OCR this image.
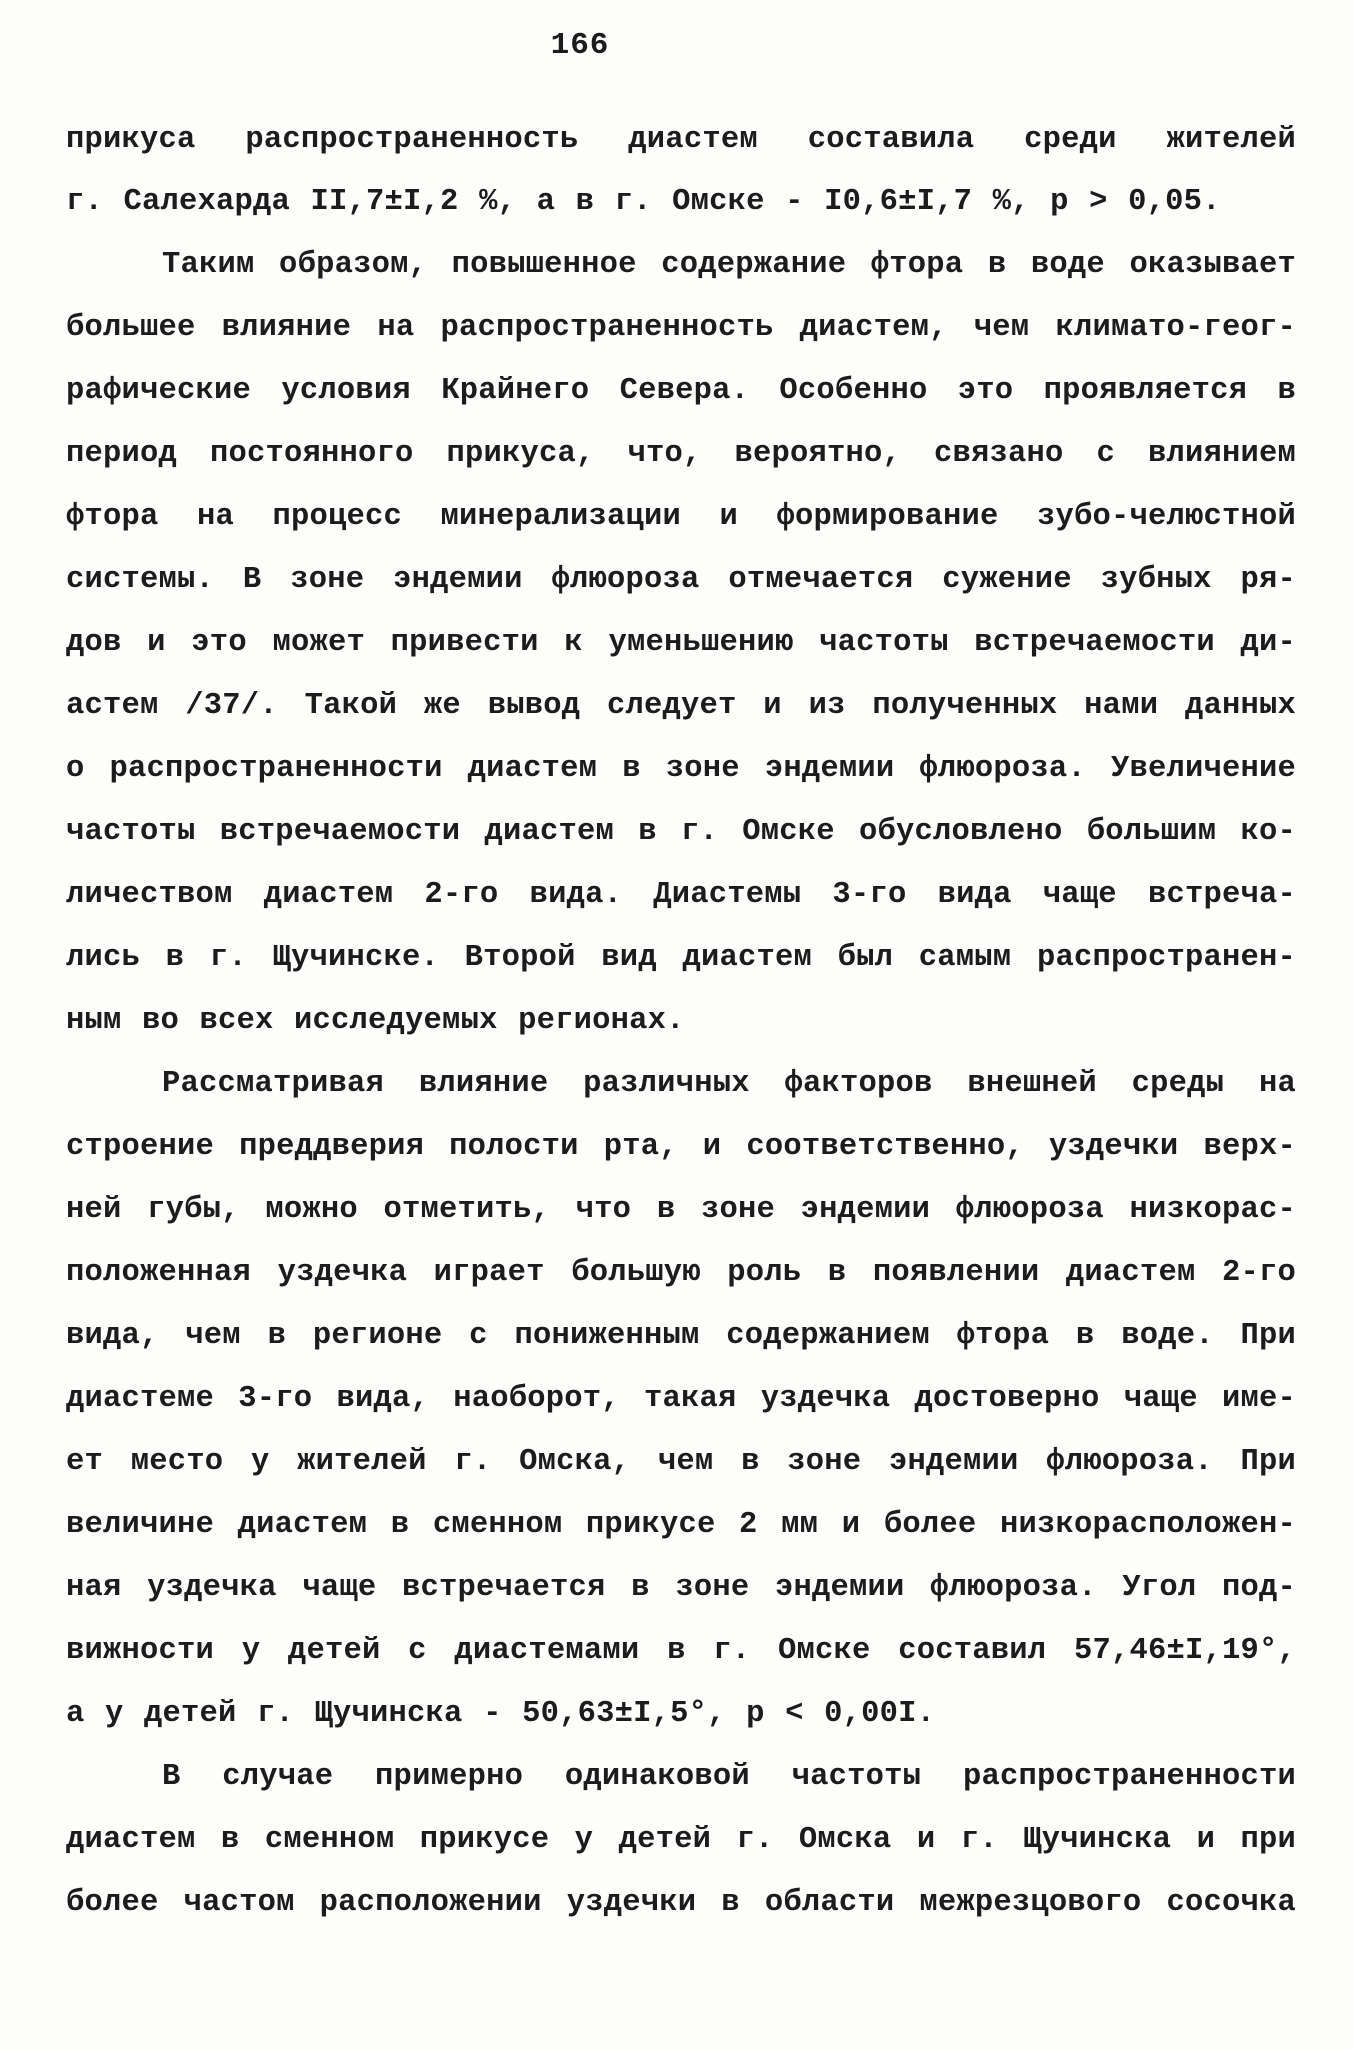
166
прикуса распространенность диастем составила среди жителей
г. Салехарда II,7±I,2 %, а в г. Омске - I0,6±I,7 %, р > 0,05.
Таким образом, повышенное содержание фтора в воде оказывает
большее влияние на распространенность диастем, чем климато-геог-
рафические условия Крайнего Севера. Особенно это проявляется в
период постоянного прикуса, что, вероятно, связано с влиянием
фтора на процесс минерализации и формирование зубо-челюстной
системы. В зоне эндемии флюороза отмечается сужение зубных ря-
дов и это может привести к уменьшению частоты встречаемости ди-
астем /37/. Такой же вывод следует и из полученных нами данных
о распространенности диастем в зоне эндемии флюороза. Увеличение
частоты встречаемости диастем в г. Омске обусловлено большим ко-
личеством диастем 2-го вида. Диастемы 3-го вида чаще встреча-
лись в г. Щучинске. Второй вид диастем был самым распространен-
ным во всех исследуемых регионах.
Рассматривая влияние различных факторов внешней среды на
строение преддверия полости рта, и соответственно, уздечки верх-
ней губы, можно отметить, что в зоне эндемии флюороза низкорас-
положенная уздечка играет большую роль в появлении диастем 2-го
вида, чем в регионе с пониженным содержанием фтора в воде. При
диастеме 3-го вида, наоборот, такая уздечка достоверно чаще име-
ет место у жителей г. Омска, чем в зоне эндемии флюороза. При
величине диастем в сменном прикусе 2 мм и более низкорасположен-
ная уздечка чаще встречается в зоне эндемии флюороза. Угол под-
вижности у детей с диастемами в г. Омске составил 57,46±I,19°,
а у детей г. Щучинска - 50,63±I,5°, р < 0,00I.
В случае примерно одинаковой частоты распространенности
диастем в сменном прикусе у детей г. Омска и г. Щучинска и при
более частом расположении уздечки в области межрезцового сосочка
